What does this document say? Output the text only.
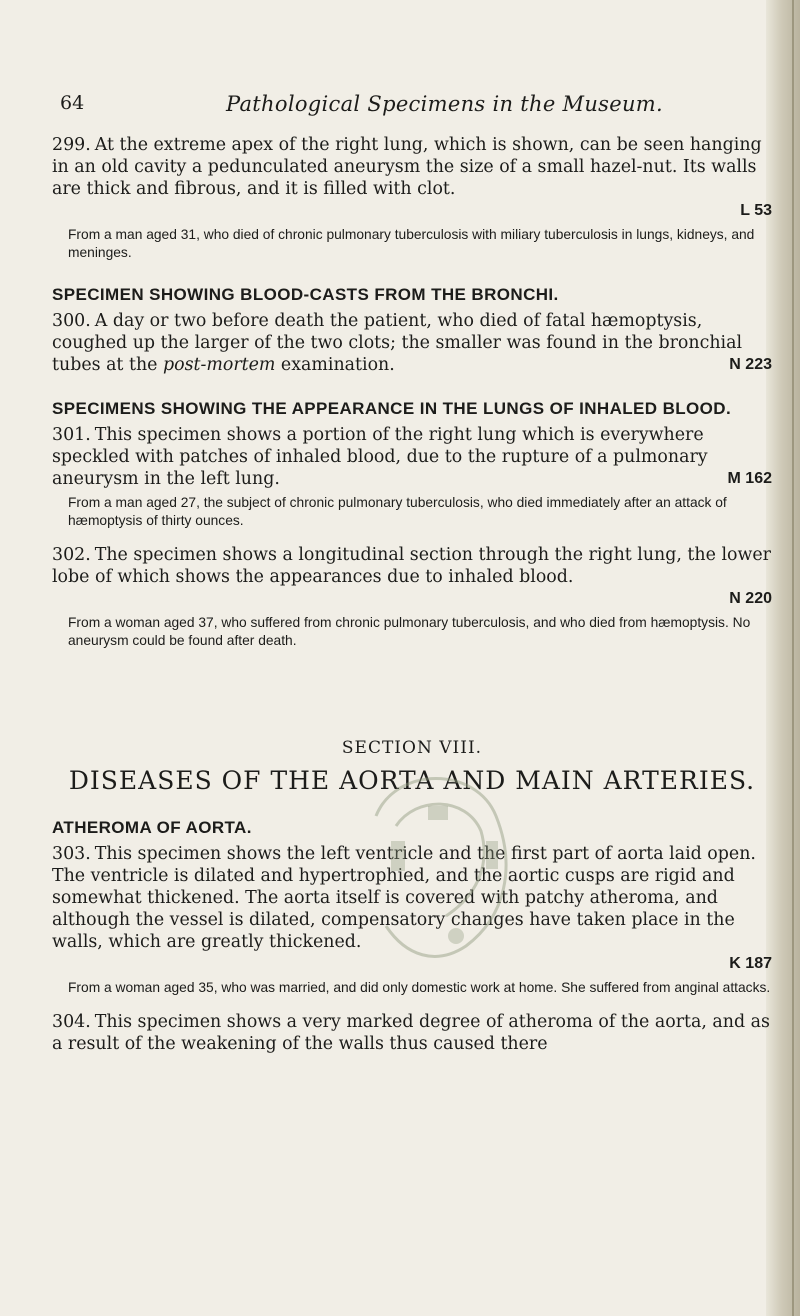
64	Pathological Specimens in the Museum.

299. At the extreme apex of the right lung, which is shown, can be seen hanging in an old cavity a pedunculated aneurysm the size of a small hazel-nut. Its walls are thick and fibrous, and it is filled with clot.

L 53

From a man aged 31, who died of chronic pulmonary tuberculosis with miliary tuberculosis in lungs, kidneys, and meninges.

SPECIMEN SHOWING BLOOD-CASTS FROM THE BRONCHI.

300. A day or two before death the patient, who died of fatal hæmoptysis, coughed up the larger of the two clots; the smaller was found in the bronchial tubes at the post-mortem examination.	N 223

SPECIMENS SHOWING THE APPEARANCE IN THE LUNGS OF INHALED BLOOD.

301. This specimen shows a portion of the right lung which is everywhere speckled with patches of inhaled blood, due to the rupture of a pulmonary aneurysm in the left lung.	M 162

From a man aged 27, the subject of chronic pulmonary tuberculosis, who died immediately after an attack of hæmoptysis of thirty ounces.

302. The specimen shows a longitudinal section through the right lung, the lower lobe of which shows the appearances due to inhaled blood.

N 220

From a woman aged 37, who suffered from chronic pulmonary tuberculosis, and who died from hæmoptysis. No aneurysm could be found after death.

SECTION VIII.

DISEASES OF THE AORTA AND MAIN ARTERIES.

ATHEROMA OF AORTA.

303. This specimen shows the left ventricle and the first part of aorta laid open. The ventricle is dilated and hypertrophied, and the aortic cusps are rigid and somewhat thickened. The aorta itself is covered with patchy atheroma, and although the vessel is dilated, compensatory changes have taken place in the walls, which are greatly thickened.

K 187

From a woman aged 35, who was married, and did only domestic work at home. She suffered from anginal attacks.

304. This specimen shows a very marked degree of atheroma of the aorta, and as a result of the weakening of the walls thus caused there
